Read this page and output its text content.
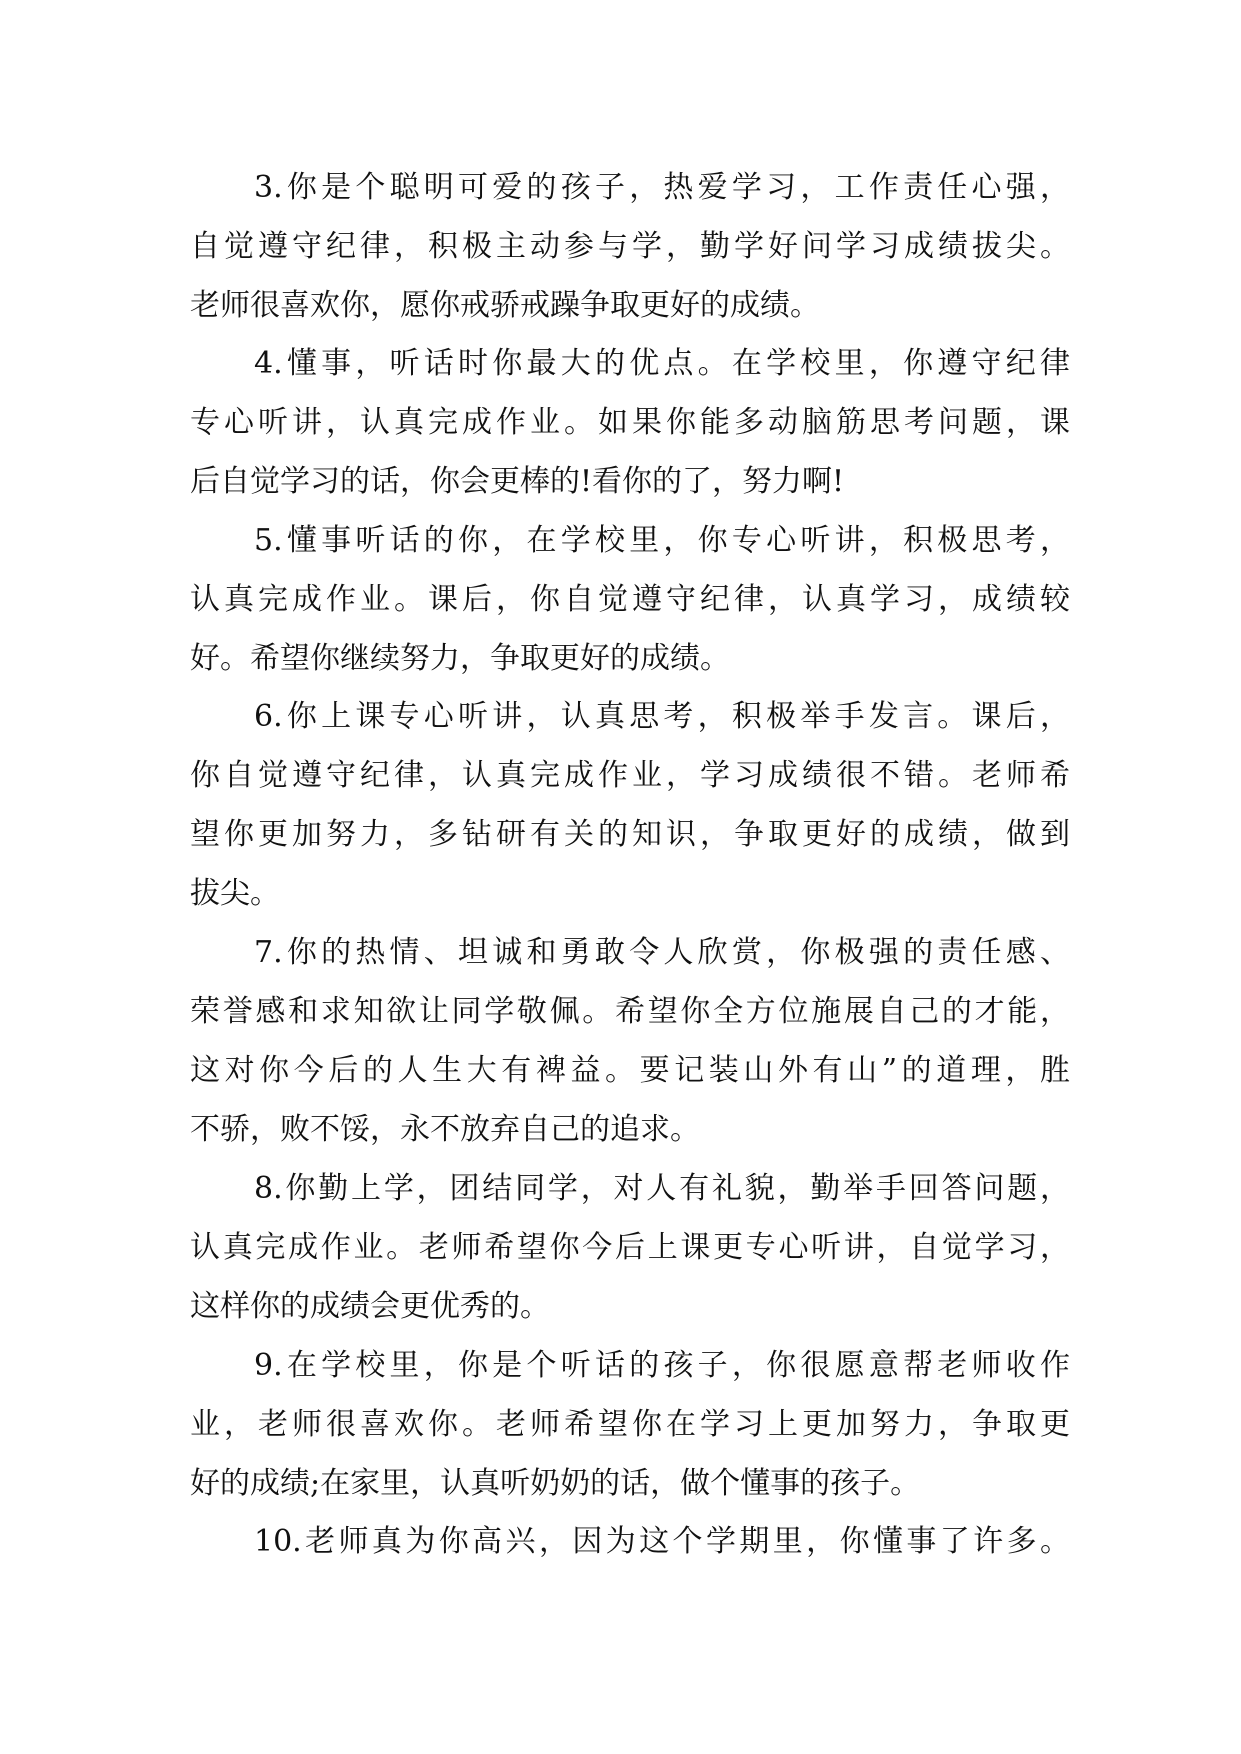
3.你是个聪明可爱的孩子，热爱学习，工作责任心强，
自觉遵守纪律，积极主动参与学，勤学好问学习成绩拔尖。
老师很喜欢你，愿你戒骄戒躁争取更好的成绩。
4.懂事，听话时你最大的优点。在学校里，你遵守纪律
专心听讲，认真完成作业。如果你能多动脑筋思考问题，课
后自觉学习的话，你会更棒的!看你的了，努力啊!
5.懂事听话的你，在学校里，你专心听讲，积极思考，
认真完成作业。课后，你自觉遵守纪律，认真学习，成绩较
好。希望你继续努力，争取更好的成绩。
6.你上课专心听讲，认真思考，积极举手发言。课后，
你自觉遵守纪律，认真完成作业，学习成绩很不错。老师希
望你更加努力，多钻研有关的知识，争取更好的成绩，做到
拔尖。
7.你的热情、坦诚和勇敢令人欣赏，你极强的责任感、
荣誉感和求知欲让同学敬佩。希望你全方位施展自己的才能，
这对你今后的人生大有裨益。要记装山外有山”的道理，胜
不骄，败不馁，永不放弃自己的追求。
8.你勤上学，团结同学，对人有礼貌，勤举手回答问题，
认真完成作业。老师希望你今后上课更专心听讲，自觉学习，
这样你的成绩会更优秀的。
9.在学校里，你是个听话的孩子，你很愿意帮老师收作
业，老师很喜欢你。老师希望你在学习上更加努力，争取更
好的成绩;在家里，认真听奶奶的话，做个懂事的孩子。
10.老师真为你高兴，因为这个学期里，你懂事了许多。
